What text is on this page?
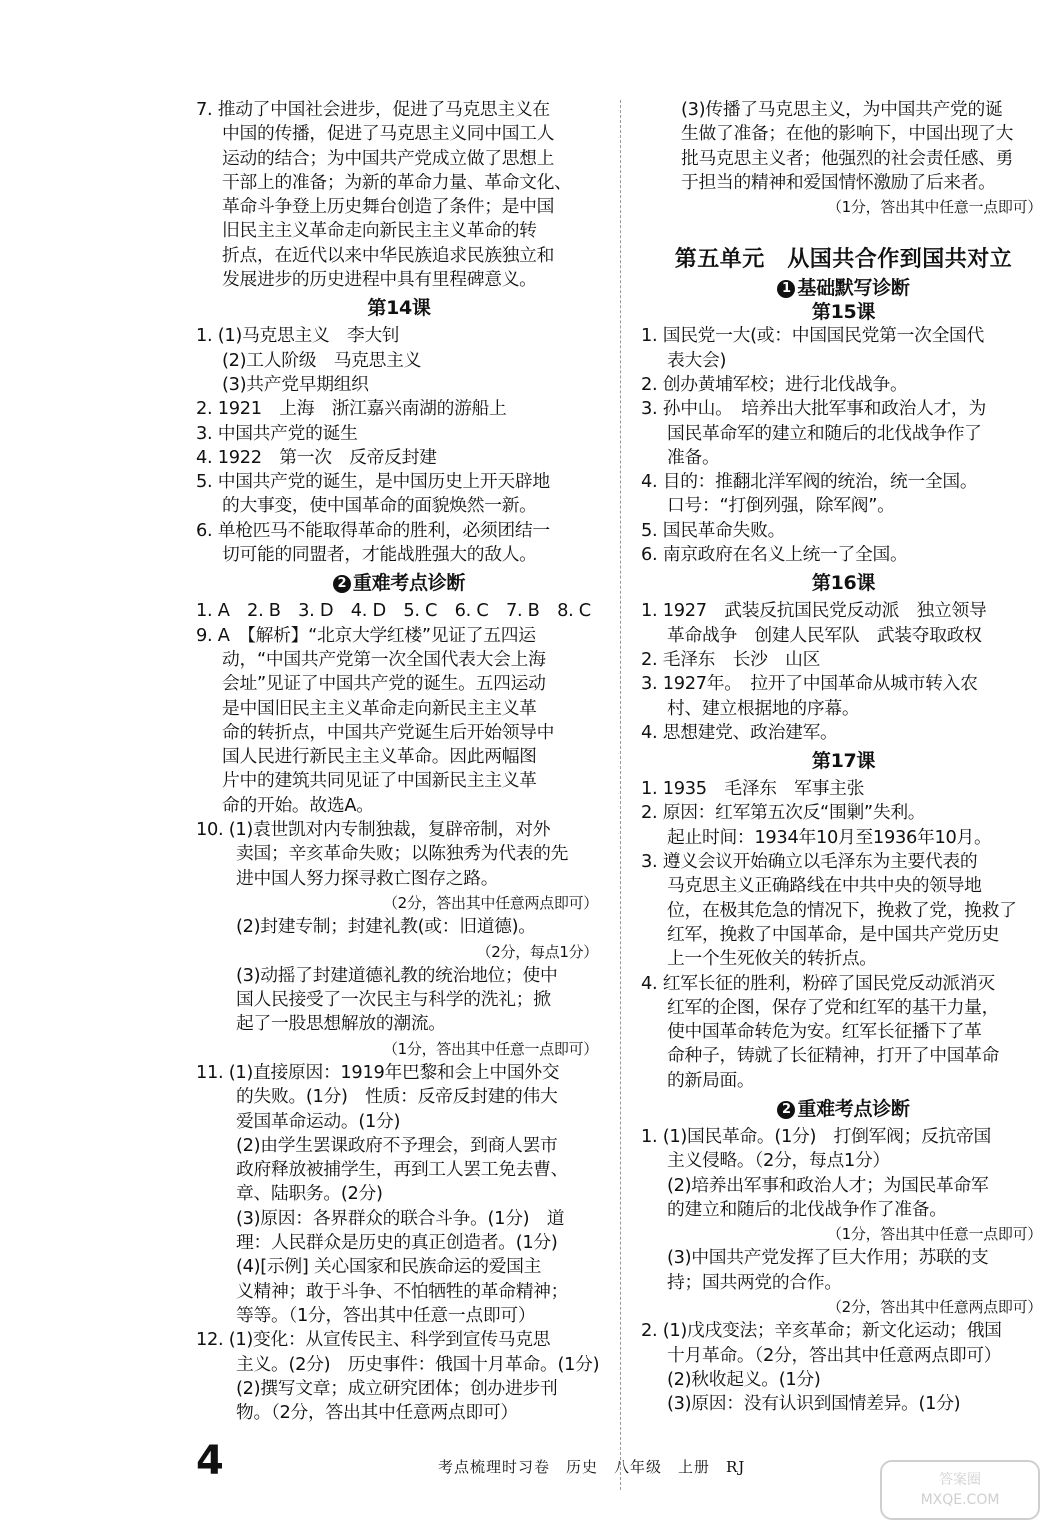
7. 推动了中国社会进步，促进了马克思主义在
中国的传播，促进了马克思主义同中国工人
运动的结合；为中国共产党成立做了思想上
干部上的准备；为新的革命力量、革命文化、
革命斗争登上历史舞台创造了条件；是中国
旧民主主义革命走向新民主主义革命的转
折点，在近代以来中华民族追求民族独立和
发展进步的历史进程中具有里程碑意义。
第14课
1. (1)马克思主义　李大钊
(2)工人阶级　马克思主义
(3)共产党早期组织
2. 1921　上海　浙江嘉兴南湖的游船上
3. 中国共产党的诞生
4. 1922　第一次　反帝反封建
5. 中国共产党的诞生，是中国历史上开天辟地
的大事变，使中国革命的面貌焕然一新。
6. 单枪匹马不能取得革命的胜利，必须团结一
切可能的同盟者，才能战胜强大的敌人。
2 重难考点诊断
1. A　2. B　3. D　4. D　5. C　6. C　7. B　8. C
9. A　【解析】“北京大学红楼”见证了五四运
动，“中国共产党第一次全国代表大会上海
会址”见证了中国共产党的诞生。五四运动
是中国旧民主主义革命走向新民主主义革
命的转折点，中国共产党诞生后开始领导中
国人民进行新民主主义革命。因此两幅图
片中的建筑共同见证了中国新民主主义革
命的开始。故选A。
10. (1)袁世凯对内专制独裁，复辟帝制，对外
卖国；辛亥革命失败；以陈独秀为代表的先
进中国人努力探寻救亡图存之路。
（2分，答出其中任意两点即可）
(2)封建专制；封建礼教(或：旧道德)。
（2分，每点1分）
(3)动摇了封建道德礼教的统治地位；使中
国人民接受了一次民主与科学的洗礼；掀
起了一股思想解放的潮流。
（1分，答出其中任意一点即可）
11. (1)直接原因：1919年巴黎和会上中国外交
的失败。(1分)　性质：反帝反封建的伟大
爱国革命运动。(1分)
(2)由学生罢课政府不予理会，到商人罢市
政府释放被捕学生，再到工人罢工免去曹、
章、陆职务。(2分)
(3)原因：各界群众的联合斗争。(1分)　道
理：人民群众是历史的真正创造者。(1分)
(4)[示例] 关心国家和民族命运的爱国主
义精神；敢于斗争、不怕牺牲的革命精神；
等等。（1分，答出其中任意一点即可）
12. (1)变化：从宣传民主、科学到宣传马克思
主义。(2分)　历史事件：俄国十月革命。(1分)
(2)撰写文章；成立研究团体；创办进步刊
物。（2分，答出其中任意两点即可）
(3)传播了马克思主义，为中国共产党的诞
生做了准备；在他的影响下，中国出现了大
批马克思主义者；他强烈的社会责任感、勇
于担当的精神和爱国情怀激励了后来者。
（1分，答出其中任意一点即可）
第五单元　从国共合作到国共对立
1 基础默写诊断
第15课
1. 国民党一大(或：中国国民党第一次全国代
表大会)
2. 创办黄埔军校；进行北伐战争。
3. 孙中山。　培养出大批军事和政治人才，为
国民革命军的建立和随后的北伐战争作了
准备。
4. 目的：推翻北洋军阀的统治，统一全国。
口号：“打倒列强，除军阀”。
5. 国民革命失败。
6. 南京政府在名义上统一了全国。
第16课
1. 1927　武装反抗国民党反动派　独立领导
革命战争　创建人民军队　武装夺取政权
2. 毛泽东　长沙　山区
3. 1927年。　拉开了中国革命从城市转入农
村、建立根据地的序幕。
4. 思想建党、政治建军。
第17课
1. 1935　毛泽东　军事主张
2. 原因：红军第五次反“围剿”失利。
起止时间：1934年10月至1936年10月。
3. 遵义会议开始确立以毛泽东为主要代表的
马克思主义正确路线在中共中央的领导地
位，在极其危急的情况下，挽救了党，挽救了
红军，挽救了中国革命，是中国共产党历史
上一个生死攸关的转折点。
4. 红军长征的胜利，粉碎了国民党反动派消灭
红军的企图，保存了党和红军的基干力量，
使中国革命转危为安。红军长征播下了革
命种子，铸就了长征精神，打开了中国革命
的新局面。
2 重难考点诊断
1. (1)国民革命。(1分)　打倒军阀；反抗帝国
主义侵略。（2分，每点1分）
(2)培养出军事和政治人才；为国民革命军
的建立和随后的北伐战争作了准备。
（1分，答出其中任意一点即可）
(3)中国共产党发挥了巨大作用；苏联的支
持；国共两党的合作。
（2分，答出其中任意两点即可）
2. (1)戊戌变法；辛亥革命；新文化运动；俄国
十月革命。（2分，答出其中任意两点即可）
(2)秋收起义。(1分)
(3)原因：没有认识到国情差异。(1分)
4	考点梳理时习卷　历史　八年级　上册　RJ
答案圈
MXQE.COM
